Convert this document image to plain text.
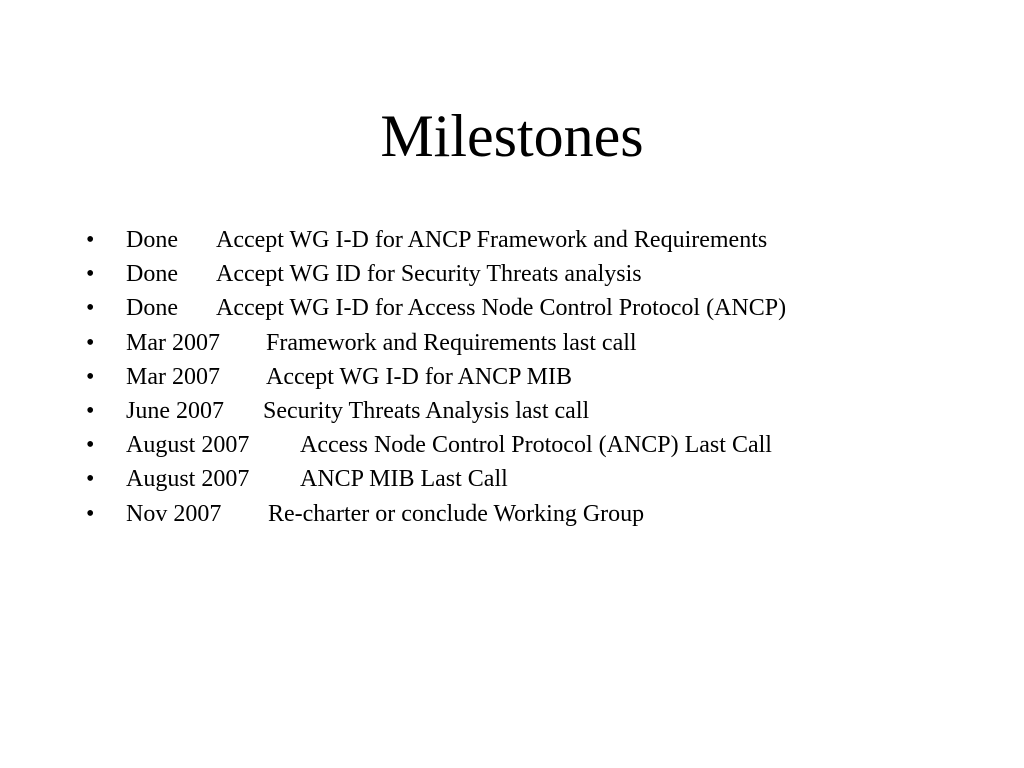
Milestones
•	Done Accept WG I-D for ANCP Framework and Requirements
•	Done Accept WG ID for Security Threats analysis
•	Done Accept WG I-D for Access Node Control Protocol (ANCP)
•	Mar 2007 Framework and Requirements last call
•	Mar 2007 Accept WG I-D for ANCP MIB
•	June 2007 Security Threats Analysis last call
•	August 2007 Access Node Control Protocol (ANCP) Last Call
•	August 2007 ANCP MIB Last Call
•	Nov 2007 Re-charter or conclude Working Group
